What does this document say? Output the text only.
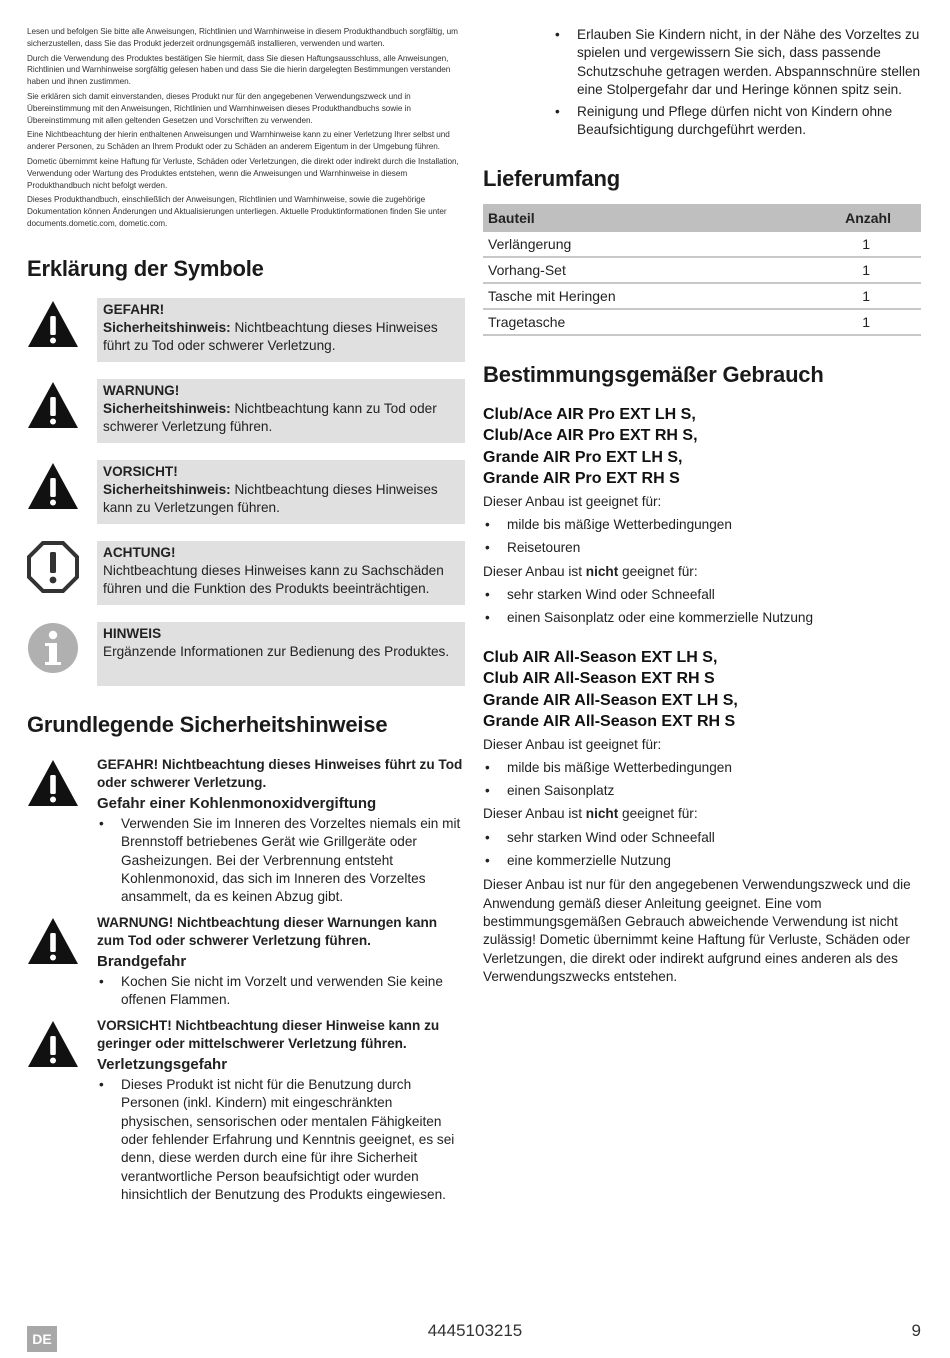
Lesen und befolgen Sie bitte alle Anweisungen, Richtlinien und Warnhinweise in diesem Produkthandbuch sorgfältig, um sicherzustellen, dass Sie das Produkt jederzeit ordnungsgemäß installieren, verwenden und warten.

Durch die Verwendung des Produktes bestätigen Sie hiermit, dass Sie diesen Haftungsausschluss, alle Anweisungen, Richtlinien und Warnhinweise sorgfältig gelesen haben und dass Sie die hierin dargelegten Bestimmungen verstanden haben und ihnen zustimmen.

Sie erklären sich damit einverstanden, dieses Produkt nur für den angegebenen Verwendungszweck und in Übereinstimmung mit den Anweisungen, Richtlinien und Warnhinweisen dieses Produkthandbuchs sowie in Übereinstimmung mit allen geltenden Gesetzen und Vorschriften zu verwenden.

Eine Nichtbeachtung der hierin enthaltenen Anweisungen und Warnhinweise kann zu einer Verletzung Ihrer selbst und anderer Personen, zu Schäden an Ihrem Produkt oder zu Schäden an anderem Eigentum in der Umgebung führen.

Dometic übernimmt keine Haftung für Verluste, Schäden oder Verletzungen, die direkt oder indirekt durch die Installation, Verwendung oder Wartung des Produktes entstehen, wenn die Anweisungen und Warnhinweise in diesem Produkthandbuch nicht befolgt werden.

Dieses Produkthandbuch, einschließlich der Anweisungen, Richtlinien und Warnhinweise, sowie die zugehörige Dokumentation können Änderungen und Aktualisierungen unterliegen. Aktuelle Produktinformationen finden Sie unter documents.dometic.com, dometic.com.

Erklärung der Symbole
GEFAHR!
Sicherheitshinweis: Nichtbeachtung dieses Hinweises führt zu Tod oder schwerer Verletzung.
WARNUNG!
Sicherheitshinweis: Nichtbeachtung kann zu Tod oder schwerer Verletzung führen.
VORSICHT!
Sicherheitshinweis: Nichtbeachtung dieses Hinweises kann zu Verletzungen führen.
ACHTUNG!
Nichtbeachtung dieses Hinweises kann zu Sachschäden führen und die Funktion des Produkts beeinträchtigen.
HINWEIS
Ergänzende Informationen zur Bedienung des Produktes.
Grundlegende Sicherheitshinweise
GEFAHR! Nichtbeachtung dieses Hinweises führt zu Tod oder schwerer Verletzung.
Gefahr einer Kohlenmonoxidvergiftung
• Verwenden Sie im Inneren des Vorzeltes niemals ein mit Brennstoff betriebenes Gerät wie Grillgeräte oder Gasheizungen. Bei der Verbrennung entsteht Kohlenmonoxid, das sich im Inneren des Vorzeltes ansammelt, da es keinen Abzug gibt.
WARNUNG! Nichtbeachtung dieser Warnungen kann zum Tod oder schwerer Verletzung führen.
Brandgefahr
• Kochen Sie nicht im Vorzelt und verwenden Sie keine offenen Flammen.
VORSICHT! Nichtbeachtung dieser Hinweise kann zu geringer oder mittelschwerer Verletzung führen.
Verletzungsgefahr
• Dieses Produkt ist nicht für die Benutzung durch Personen (inkl. Kindern) mit eingeschränkten physischen, sensorischen oder mentalen Fähigkeiten oder fehlender Erfahrung und Kenntnis geeignet, es sei denn, diese werden durch eine für ihre Sicherheit verantwortliche Person beaufsichtigt oder wurden hinsichtlich der Benutzung des Produkts eingewiesen.
• Erlauben Sie Kindern nicht, in der Nähe des Vorzeltes zu spielen und vergewissern Sie sich, dass passende Schutzschuhe getragen werden. Abspannschnüre stellen eine Stolpergefahr dar und Heringe können spitz sein.
• Reinigung und Pflege dürfen nicht von Kindern ohne Beaufsichtigung durchgeführt werden.
Lieferumfang
Bauteil	Anzahl
Verlängerung	1
Vorhang-Set	1
Tasche mit Heringen	1
Tragetasche	1
Bestimmungsgemäßer Gebrauch
Club/Ace AIR Pro EXT LH S,
Club/Ace AIR Pro EXT RH S,
Grande AIR Pro EXT LH S,
Grande AIR Pro EXT RH S
Dieser Anbau ist geeignet für:
• milde bis mäßige Wetterbedingungen
• Reisetouren
Dieser Anbau ist nicht geeignet für:
• sehr starken Wind oder Schneefall
• einen Saisonplatz oder eine kommerzielle Nutzung
Club AIR All-Season EXT LH S,
Club AIR All-Season EXT RH S
Grande AIR All-Season EXT LH S,
Grande AIR All-Season EXT RH S
Dieser Anbau ist geeignet für:
• milde bis mäßige Wetterbedingungen
• einen Saisonplatz
Dieser Anbau ist nicht geeignet für:
• sehr starken Wind oder Schneefall
• eine kommerzielle Nutzung
Dieser Anbau ist nur für den angegebenen Verwendungszweck und die Anwendung gemäß dieser Anleitung geeignet. Eine vom bestimmungsgemäßen Gebrauch abweichende Verwendung ist nicht zulässig! Dometic übernimmt keine Haftung für Verluste, Schäden oder Verletzungen, die direkt oder indirekt aufgrund eines anderen als des Verwendungszwecks entstehen.
DE	4445103215	9
